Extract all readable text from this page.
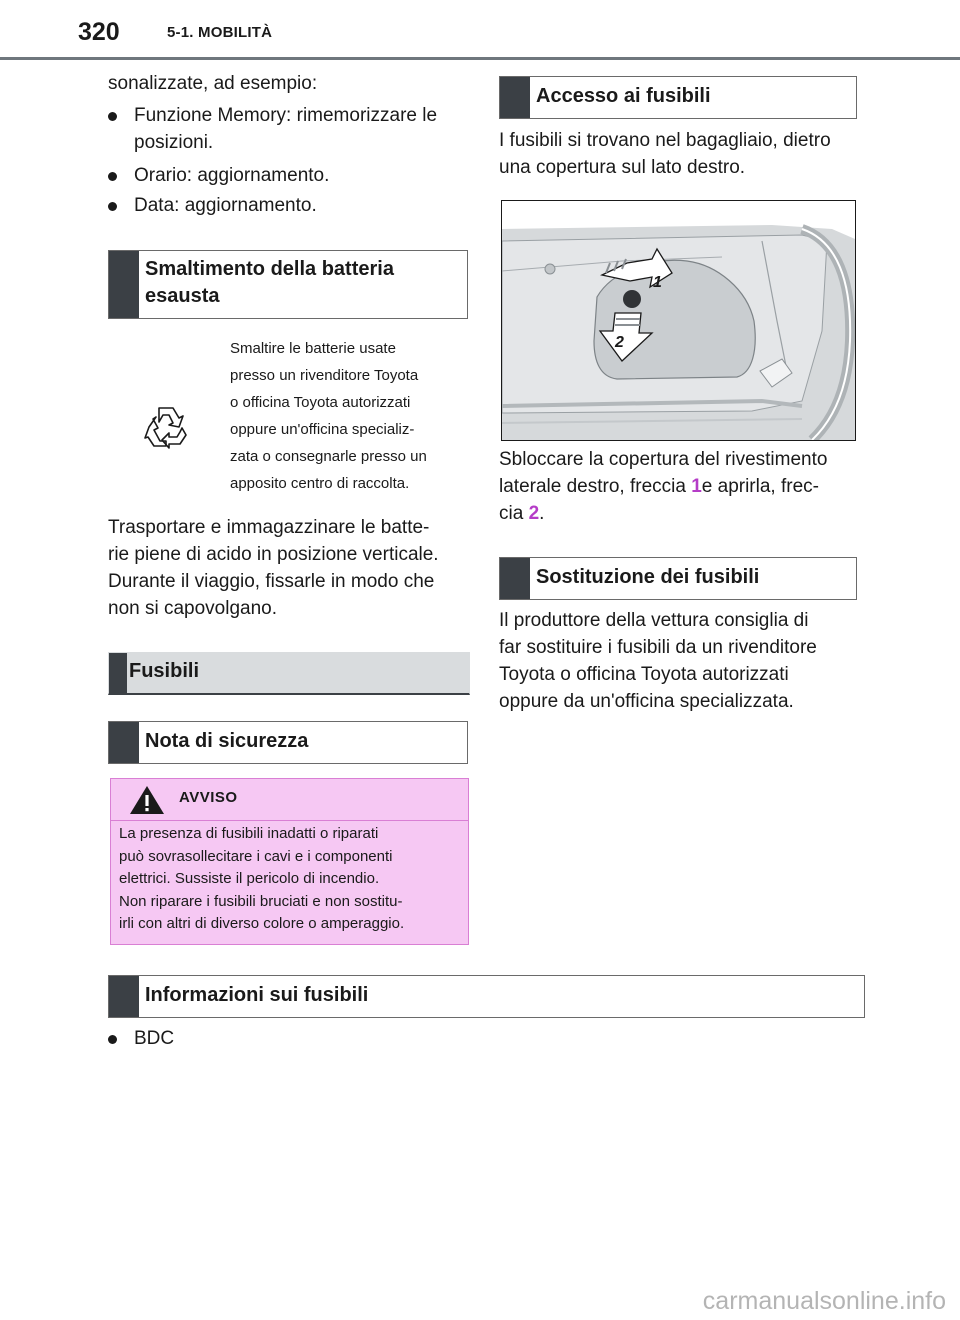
320	5-1. MOBILITÀ
sonalizzate, ad esempio:
Funzione Memory: rimemorizzare le
posizioni.
Orario: aggiornamento.
Data: aggiornamento.
Smaltimento della batteria
esausta
Smaltire le batterie usate
presso un rivenditore Toyota
o officina Toyota autorizzati
oppure un'officina specializ-
zata o consegnarle presso un
apposito centro di raccolta.
Trasportare e immagazzinare le batte-
rie piene di acido in posizione verticale.
Durante il viaggio, fissarle in modo che
non si capovolgano.
Fusibili
Nota di sicurezza
AVVISO
La presenza di fusibili inadatti o riparati
può sovrasollecitare i cavi e i componenti
elettrici. Sussiste il pericolo di incendio.
Non riparare i fusibili bruciati e non sostitu-
irli con altri di diverso colore o amperaggio.
Accesso ai fusibili
I fusibili si trovano nel bagagliaio, dietro
una copertura sul lato destro.
1
2
Sbloccare la copertura del rivestimento
laterale destro, freccia 1e aprirla, frec-
cia 2.
Sostituzione dei fusibili
Il produttore della vettura consiglia di
far sostituire i fusibili da un rivenditore
Toyota o officina Toyota autorizzati
oppure da un'officina specializzata.
Informazioni sui fusibili
BDC
carmanualsonline.info
